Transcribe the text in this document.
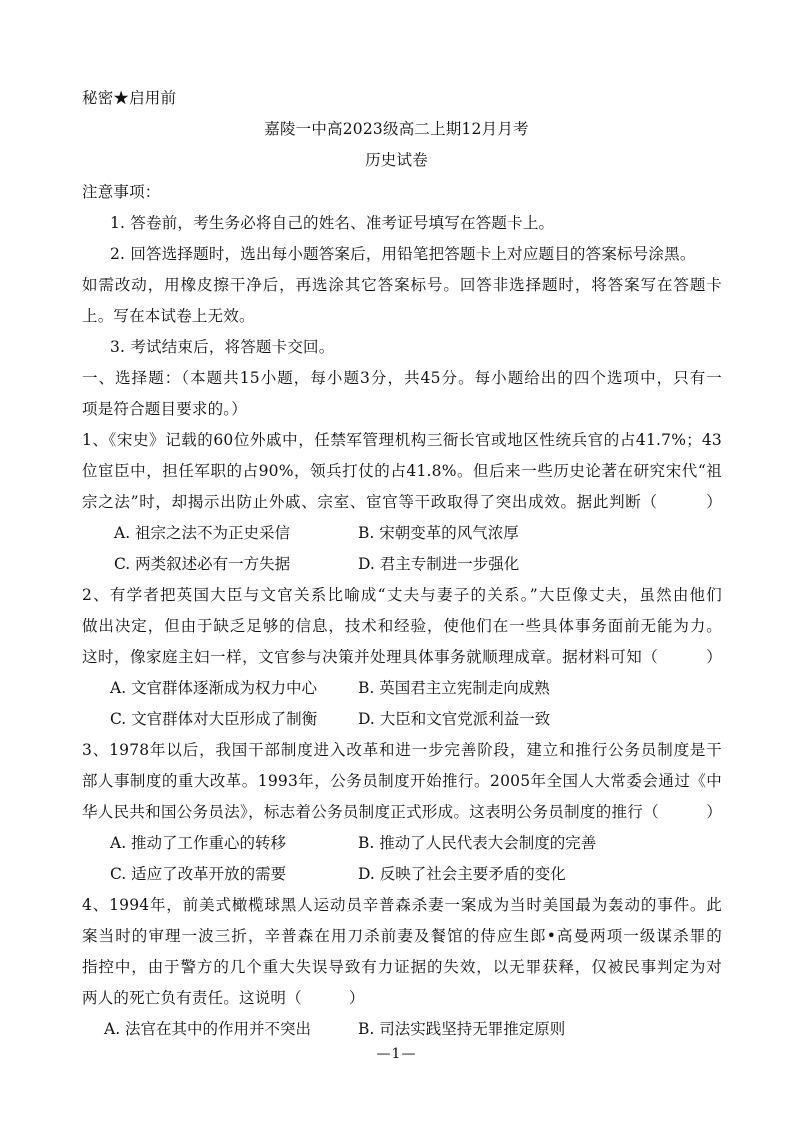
秘密★启用前
嘉陵一中高2023级高二上期12月月考
历史试卷
注意事项：
1. 答卷前，考生务必将自己的姓名、准考证号填写在答题卡上。
2. 回答选择题时，选出每小题答案后，用铅笔把答题卡上对应题目的答案标号涂黑。
如需改动，用橡皮擦干净后，再选涂其它答案标号。回答非选择题时，将答案写在答题卡
上。写在本试卷上无效。
3. 考试结束后，将答题卡交回。
一、选择题：（本题共15小题，每小题3分，共45分。每小题给出的四个选项中，只有一
项是符合题目要求的。）
1、《宋史》记载的60位外戚中，任禁军管理机构三衙长官或地区性统兵官的占41.7%；43
位宦臣中，担任军职的占90%，领兵打仗的占41.8%。但后来一些历史论著在研究宋代“祖
宗之法”时，却揭示出防止外戚、宗室、宦官等干政取得了突出成效。据此判断（　　　）
A. 祖宗之法不为正史采信	B. 宋朝变革的风气浓厚
C. 两类叙述必有一方失据	D. 君主专制进一步强化
2、有学者把英国大臣与文官关系比喻成“丈夫与妻子的关系。”大臣像丈夫，虽然由他们
做出决定，但由于缺乏足够的信息，技术和经验，使他们在一些具体事务面前无能为力。
这时，像家庭主妇一样，文官参与决策并处理具体事务就顺理成章。据材料可知（　　　）
A. 文官群体逐渐成为权力中心	B. 英国君主立宪制走向成熟
C. 文官群体对大臣形成了制衡	D. 大臣和文官党派利益一致
3、1978年以后，我国干部制度进入改革和进一步完善阶段，建立和推行公务员制度是干
部人事制度的重大改革。1993年，公务员制度开始推行。2005年全国人大常委会通过《中
华人民共和国公务员法》，标志着公务员制度正式形成。这表明公务员制度的推行（　　　）
A. 推动了工作重心的转移	B. 推动了人民代表大会制度的完善
C. 适应了改革开放的需要	D. 反映了社会主要矛盾的变化
4、1994年，前美式橄榄球黑人运动员辛普森杀妻一案成为当时美国最为轰动的事件。此
案当时的审理一波三折，辛普森在用刀杀前妻及餐馆的侍应生郎•高曼两项一级谋杀罪的
指控中，由于警方的几个重大失误导致有力证据的失效，以无罪获释，仅被民事判定为对
两人的死亡负有责任。这说明（　　　）
A. 法官在其中的作用并不突出	B. 司法实践坚持无罪推定原则
—1—
